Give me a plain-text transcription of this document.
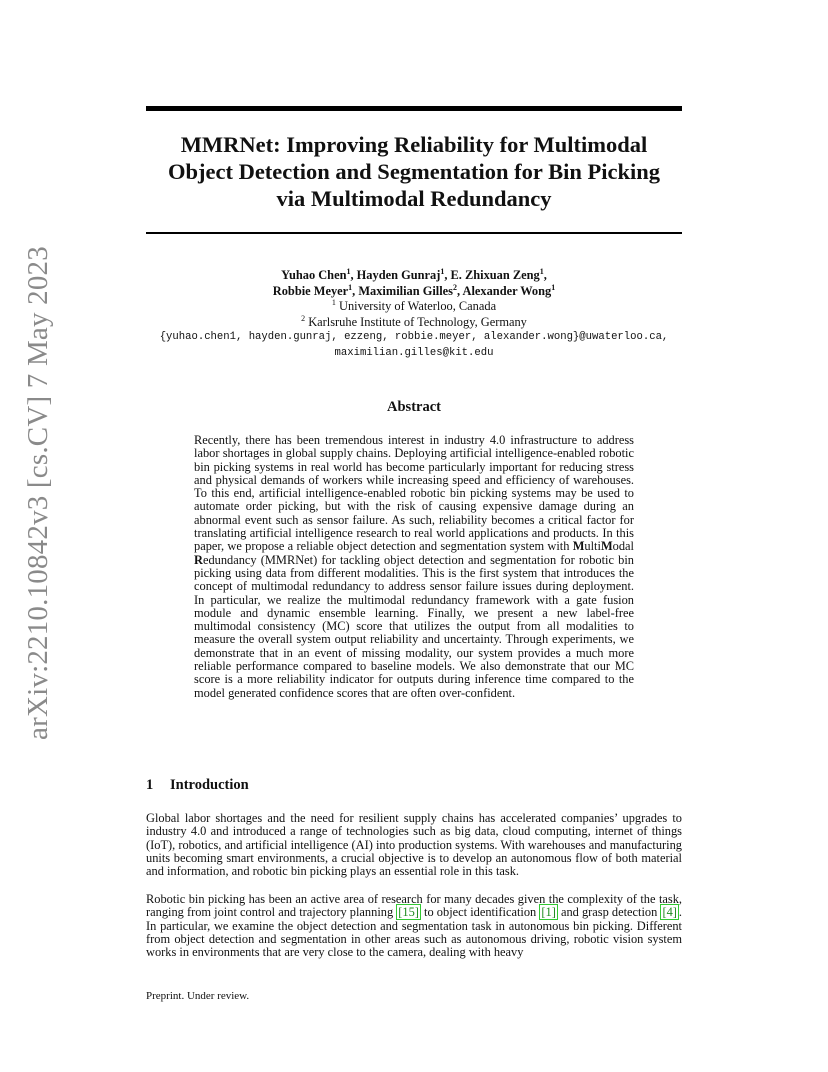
arXiv:2210.10842v3 [cs.CV] 7 May 2023
MMRNet: Improving Reliability for Multimodal
Object Detection and Segmentation for Bin Picking
via Multimodal Redundancy
Yuhao Chen$^1$, Hayden Gunraj$^1$, E. Zhixuan Zeng$^1$,
Robbie Meyer$^1$, Maximilian Gilles$^2$, Alexander Wong$^1$
$^1$ University of Waterloo, Canada
$^2$ Karlsruhe Institute of Technology, Germany
{yuhao.chen1, hayden.gunraj, ezzeng, robbie.meyer, alexander.wong}@uwaterloo.ca,
maximilian.gilles@kit.edu
Abstract

Recently, there has been tremendous interest in industry 4.0 infrastructure to address labor shortages in global supply chains. Deploying artificial intelligence-enabled robotic bin picking systems in real world has become particularly important for reducing stress and physical demands of workers while increasing speed and efficiency of warehouses. To this end, artificial intelligence-enabled robotic bin picking systems may be used to automate order picking, but with the risk of causing expensive damage during an abnormal event such as sensor failure. As such, reliability becomes a critical factor for translating artificial intelligence research to real world applications and products. In this paper, we propose a reliable object detection and segmentation system with MultiModal Redundancy (MMRNet) for tackling object detection and segmentation for robotic bin picking using data from different modalities. This is the first system that introduces the concept of multimodal redundancy to address sensor failure issues during deployment. In particular, we realize the multimodal redundancy framework with a gate fusion module and dynamic ensemble learning. Finally, we present a new label-free multimodal consistency (MC) score that utilizes the output from all modalities to measure the overall system output reliability and uncertainty. Through experiments, we demonstrate that in an event of missing modality, our system provides a much more reliable performance compared to baseline models. We also demonstrate that our MC score is a more reliability indicator for outputs during inference time compared to the model generated confidence scores that are often over-confident.

1 Introduction

Global labor shortages and the need for resilient supply chains has accelerated companies’ upgrades to industry 4.0 and introduced a range of technologies such as big data, cloud computing, internet of things (IoT), robotics, and artificial intelligence (AI) into production systems. With warehouses and manufacturing units becoming smart environments, a crucial objective is to develop an autonomous flow of both material and information, and robotic bin picking plays an essential role in this task.

Robotic bin picking has been an active area of research for many decades given the complexity of the task, ranging from joint control and trajectory planning [15] to object identification [1] and grasp detection [4] . In particular, we examine the object detection and segmentation task in autonomous bin picking. Different from object detection and segmentation in other areas such as autonomous driving, robotic vision system works in environments that are very close to the camera, dealing with heavy

Preprint. Under review.
